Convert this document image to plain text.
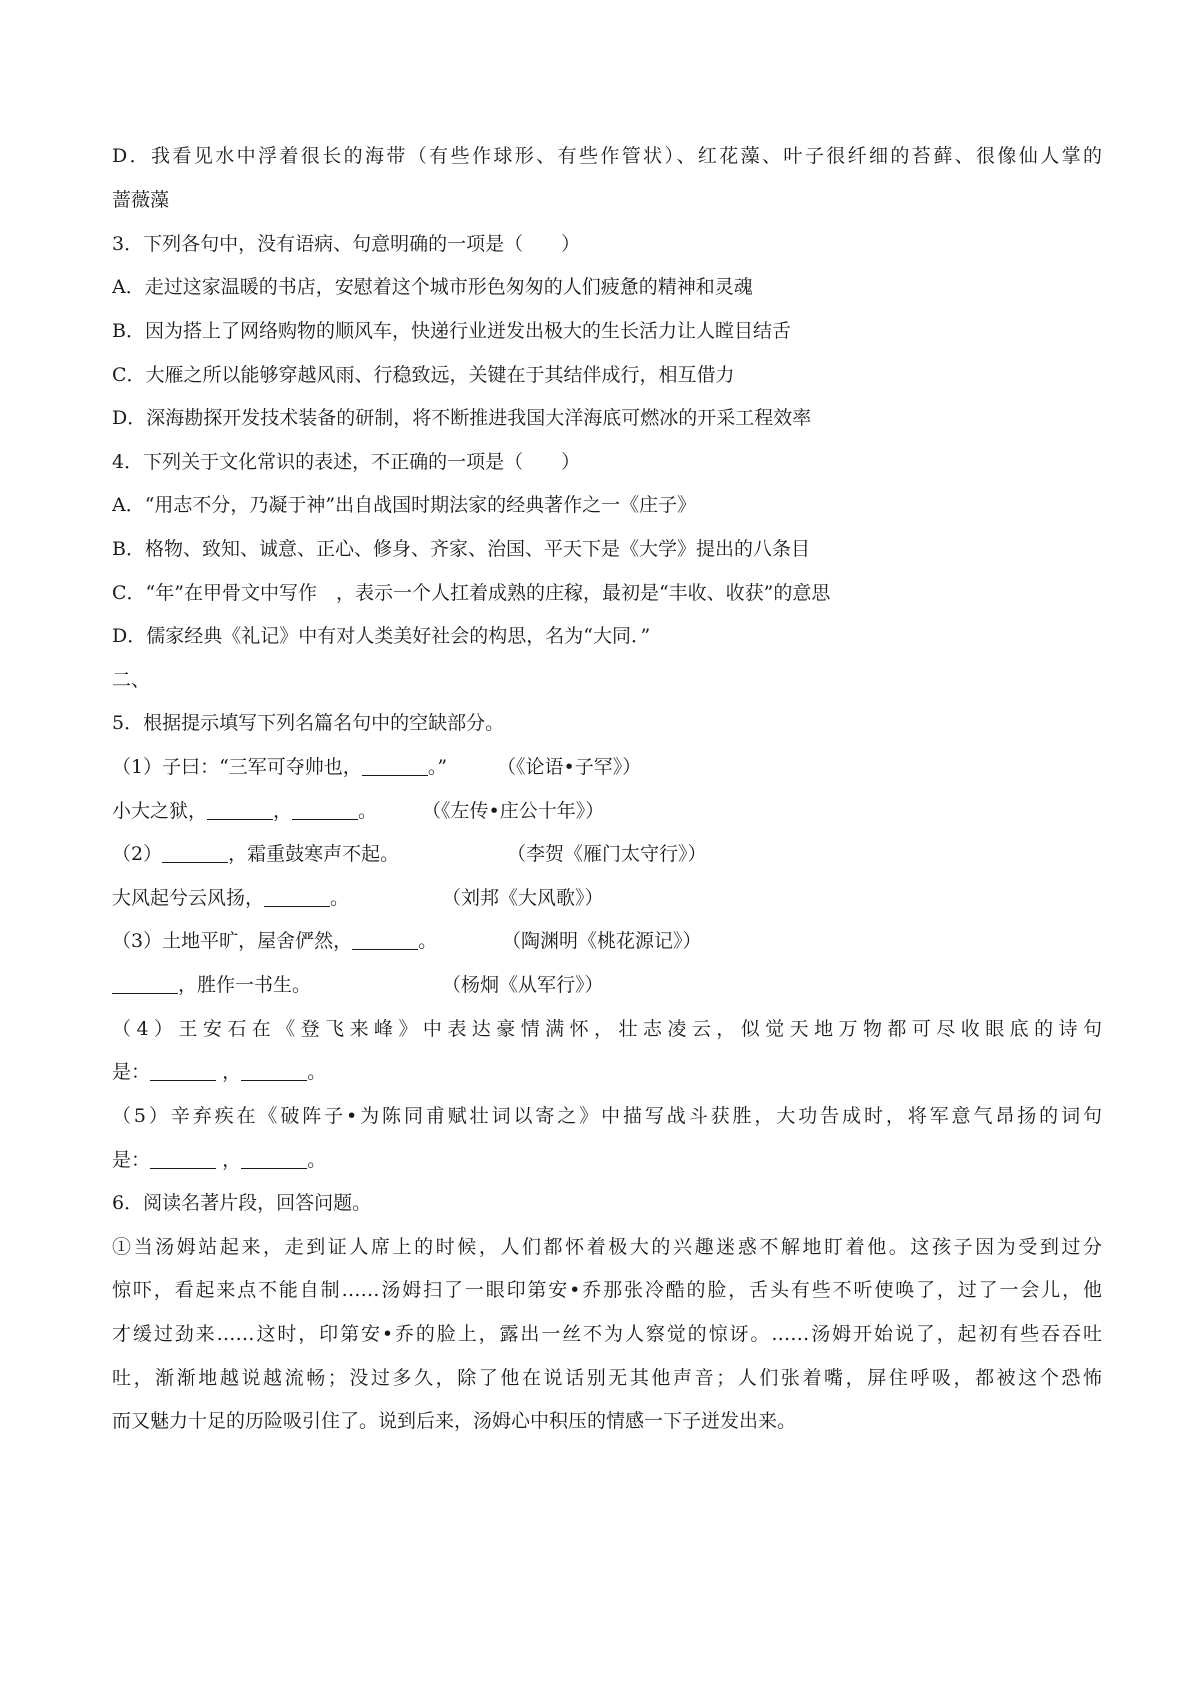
D．我看见水中浮着很长的海带（有些作球形、有些作管状）、红花藻、叶子很纤细的苔藓、很像仙人掌的
蔷薇藻
3．下列各句中，没有语病、句意明确的一项是（　　）
A．走过这家温暖的书店，安慰着这个城市形色匆匆的人们疲惫的精神和灵魂
B．因为搭上了网络购物的顺风车，快递行业迸发出极大的生长活力让人瞠目结舌
C．大雁之所以能够穿越风雨、行稳致远，关键在于其结伴成行，相互借力
D．深海勘探开发技术装备的研制，将不断推进我国大洋海底可燃冰的开采工程效率
4．下列关于文化常识的表述，不正确的一项是（　　）
A．“用志不分，乃凝于神”出自战国时期法家的经典著作之一《庄子》
B．格物、致知、诚意、正心、修身、齐家、治国、平天下是《大学》提出的八条目
C．“年”在甲骨文中写作　，表示一个人扛着成熟的庄稼，最初是“丰收、收获”的意思
D．儒家经典《礼记》中有对人类美好社会的构思，名为“大同．”
二、
5．根据提示填写下列名篇名句中的空缺部分。
（1）子曰：“三军可夺帅也，	。”	（《论语•子罕》）
小大之狱，	，	。 （《左传•庄公十年》）
（2）	，霜重鼓寒声不起。	（李贺《雁门太守行》）
大风起兮云风扬，	。	（刘邦《大风歌》）
（3）土地平旷，屋舍俨然，	。	（陶渊明《桃花源记》）
，胜作一书生。	（杨炯《从军行》）
（4）王安石在《登飞来峰》中表达豪情满怀，壮志凌云，似觉天地万物都可尽收眼底的诗句
是：	，	。
（5）辛弃疾在《破阵子•为陈同甫赋壮词以寄之》中描写战斗获胜，大功告成时，将军意气昂扬的词句
是：	，	。
6．阅读名著片段，回答问题。
①当汤姆站起来，走到证人席上的时候，人们都怀着极大的兴趣迷惑不解地盯着他。这孩子因为受到过分
惊吓，看起来点不能自制……汤姆扫了一眼印第安•乔那张冷酷的脸，舌头有些不听使唤了，过了一会儿，他
才缓过劲来……这时，印第安•乔的脸上，露出一丝不为人察觉的惊讶。……汤姆开始说了，起初有些吞吞吐
吐，渐渐地越说越流畅；没过多久，除了他在说话别无其他声音；人们张着嘴，屏住呼吸，都被这个恐怖
而又魅力十足的历险吸引住了。说到后来，汤姆心中积压的情感一下子迸发出来。
